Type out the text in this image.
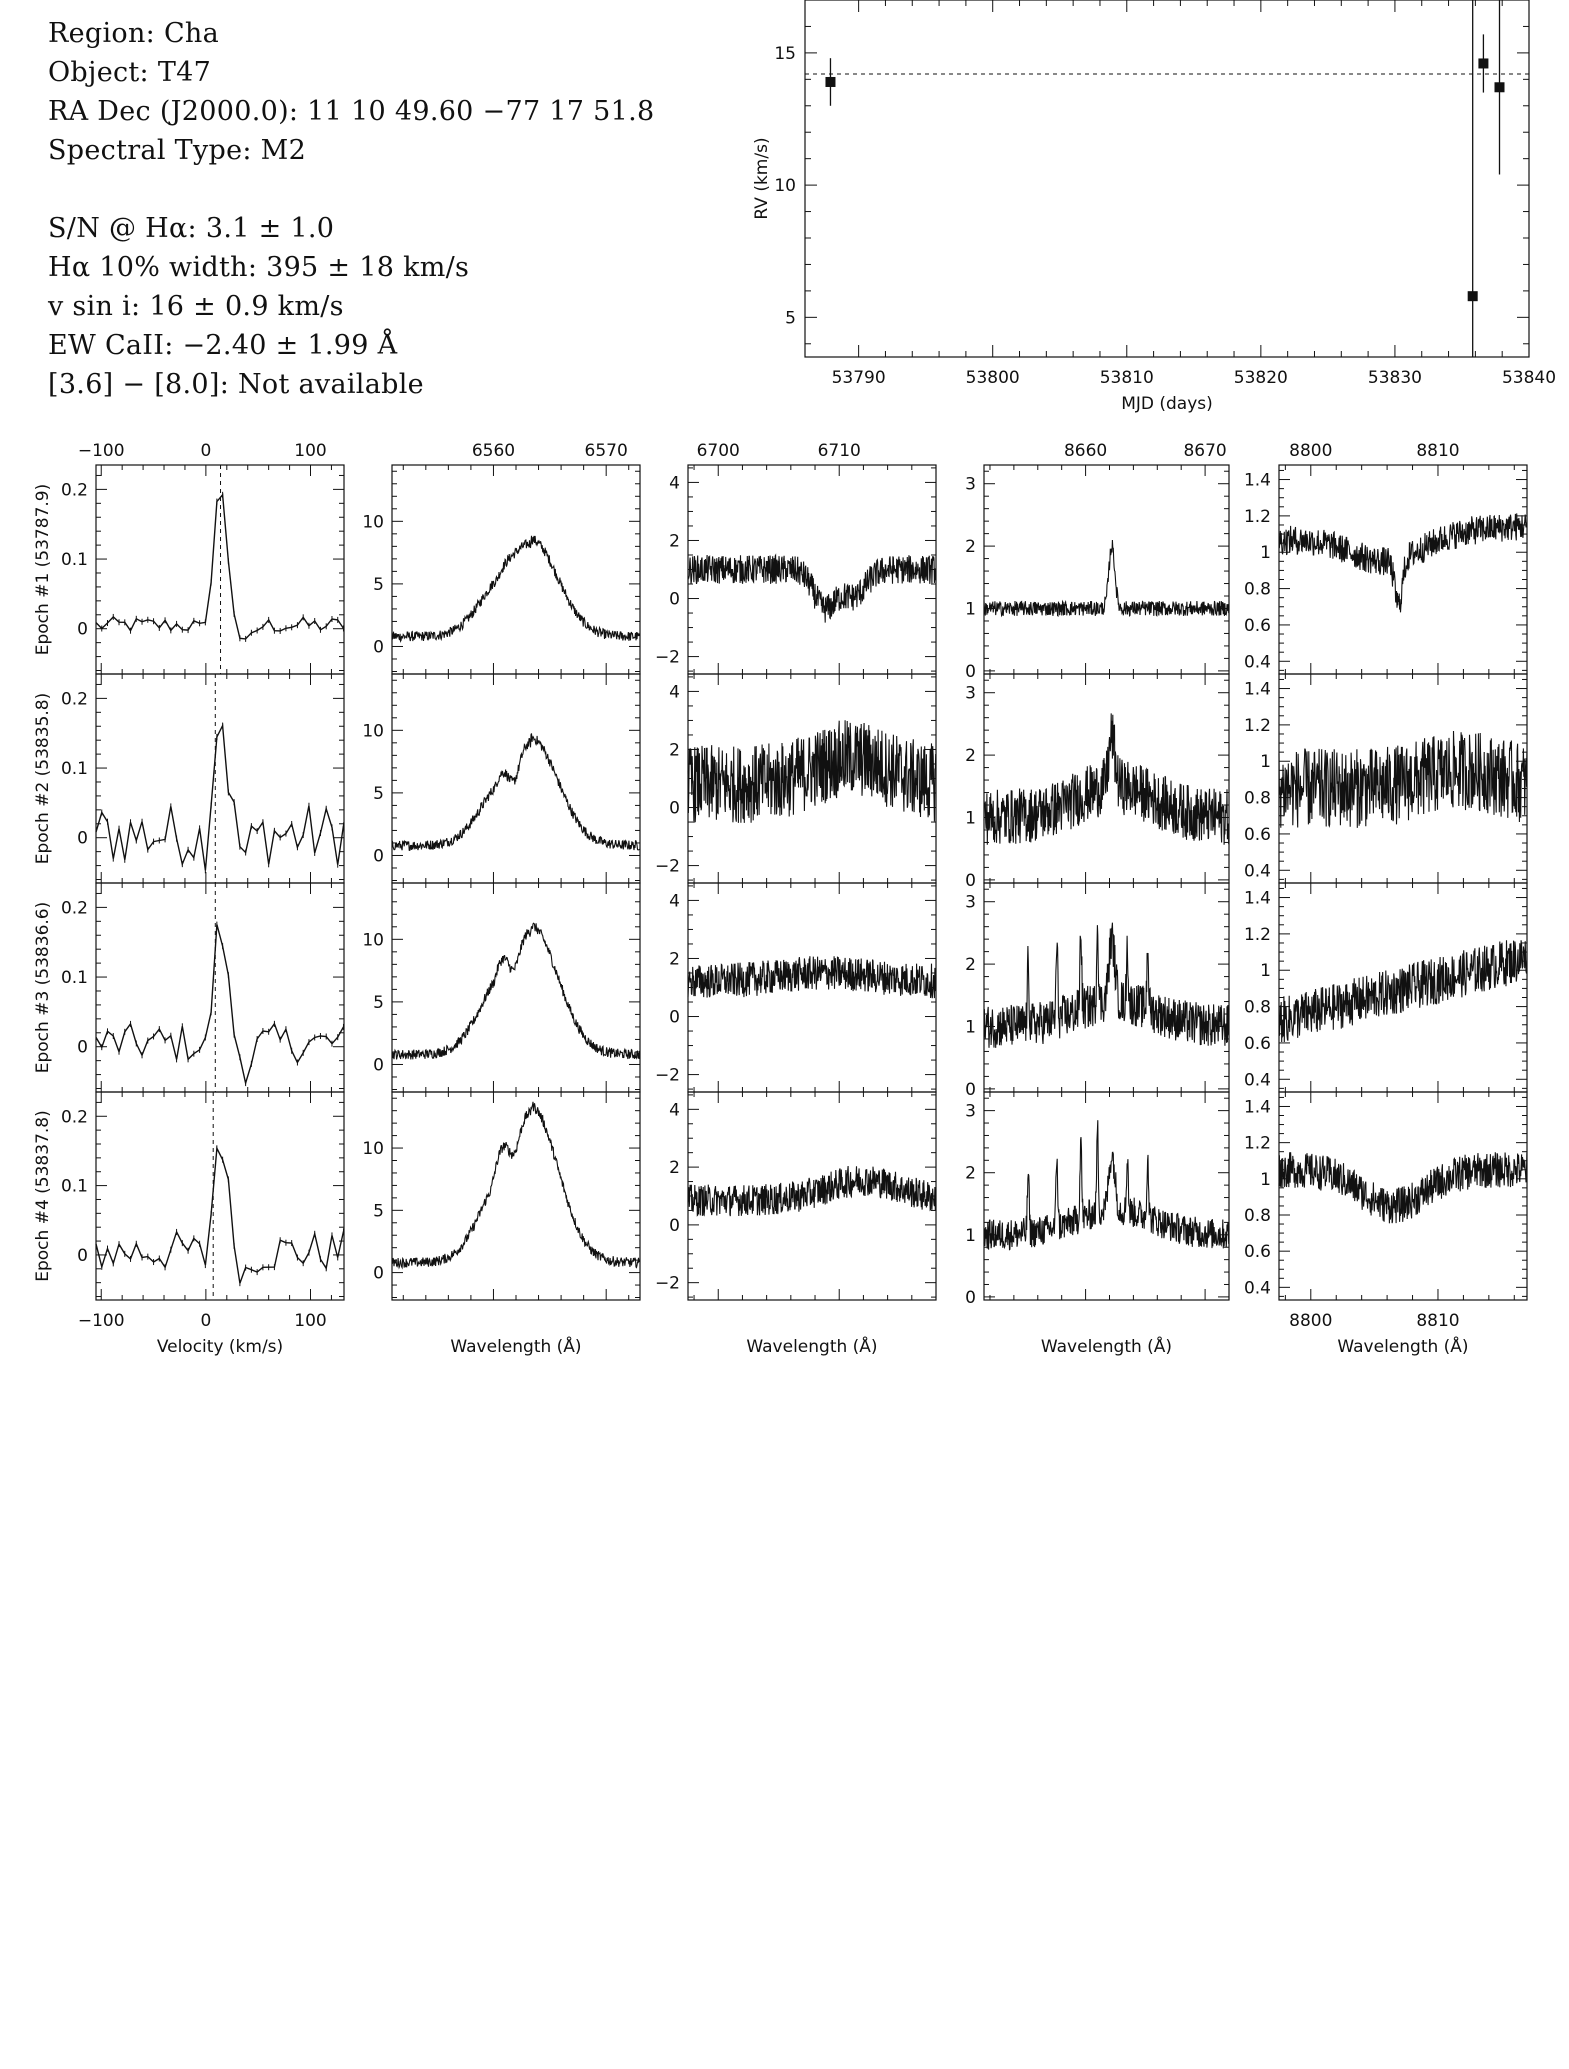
Region: Cha
Object: T47
RA Dec (J2000.0): 11 10 49.60 −77 17 51.8
Spectral Type: M2
S/N @ Hα: 3.1 ± 1.0
Hα 10% width: 395 ± 18 km/s
v sin i: 16 ± 0.9 km/s
EW CaII: −2.40 ± 1.99 Å
[3.6] − [8.0]: Not available	53790	53800	53810	53820	53830	53840
5
10
15
MJD (days)
RV (km/s)
0
0.1
0.2
0
0.1
0.2
0
0.1
0.2
0
0.1
0.2
−100
−100
0
0
100
100
Velocity (km/s)
0
5
10
0
5
10
0
5
10
0
5
10
6560	6570
Wavelength (Å)
−2
0
2
4
−2
0
2
4
−2
0
2
4
−2
0
2
4
6700	6710
Wavelength (Å)
0
1
2
3
0
1
2
3
0
1
2
3
0
1
2
3
8660	8670
Wavelength (Å)
0.4
0.6
0.8
1
1.2
1.4
0.4
0.6
0.8
1
1.2
1.4
0.4
0.6
0.8
1
1.2
1.4
0.4
0.6
0.8
1
1.2
1.4
8800
8800
8810
8810
Wavelength (Å)
Epoch #1 (53787.9)
Epoch #2 (53835.8)
Epoch #3 (53836.6)
Epoch #4 (53837.8)
